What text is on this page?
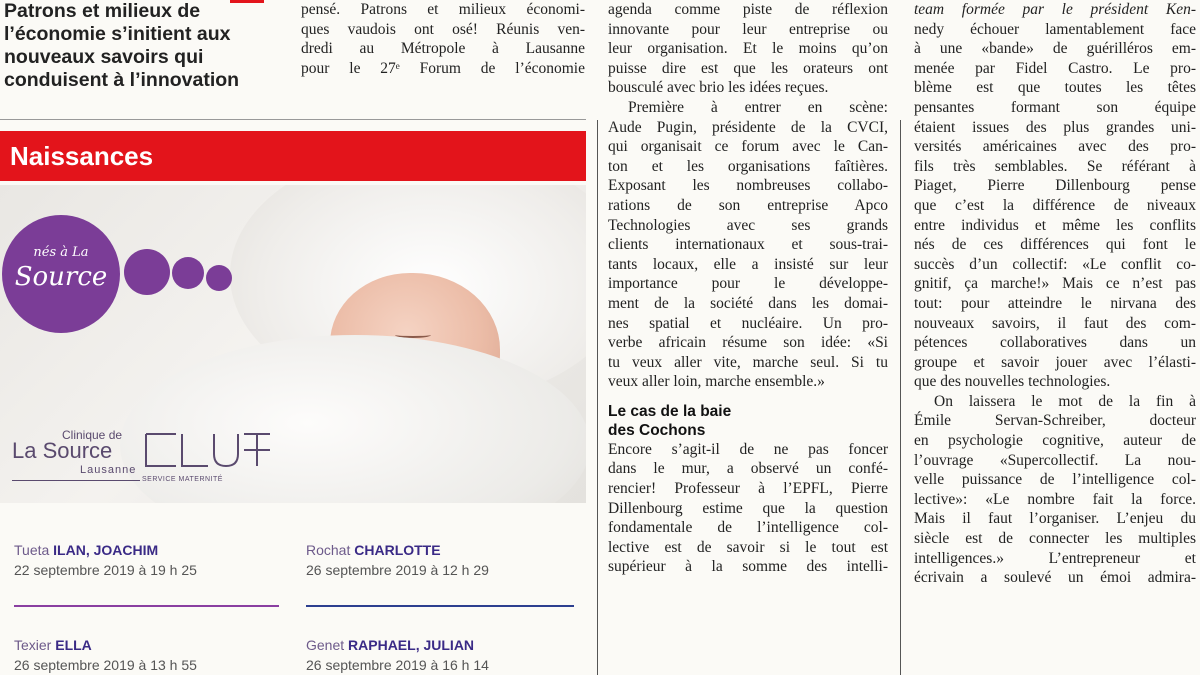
Patrons et milieux de
l’économie s’initient aux
nouveaux savoirs qui
conduisent à l’innovation
pensé. Patrons et milieux économi-
ques vaudois ont osé! Réunis ven-
dredi au Métropole à Lausanne
pour le 27ᵉ Forum de l’économie
Naissances
nés à La
Source
Clinique de
La Source
Lausanne
SERVICE MATERNITÉ
Tueta ILAN, JOACHIM
22 septembre 2019 à 19 h 25
Rochat CHARLOTTE
26 septembre 2019 à 12 h 29
Texier ELLA
26 septembre 2019 à 13 h 55
Genet RAPHAEL, JULIAN
26 septembre 2019 à 16 h 14
agenda comme piste de réflexion
innovante pour leur entreprise ou
leur organisation. Et le moins qu’on
puisse dire est que les orateurs ont
bousculé avec brio les idées reçues.
Première à entrer en scène:
Aude Pugin, présidente de la CVCI,
qui organisait ce forum avec le Can-
ton et les organisations faîtières.
Exposant les nombreuses collabo-
rations de son entreprise Apco
Technologies avec ses grands
clients internationaux et sous-trai-
tants locaux, elle a insisté sur leur
importance pour le développe-
ment de la société dans les domai-
nes spatial et nucléaire. Un pro-
verbe africain résume son idée: «Si
tu veux aller vite, marche seul. Si tu
veux aller loin, marche ensemble.»
Le cas de la baie
des Cochons
Encore s’agit-il de ne pas foncer
dans le mur, a observé un confé-
rencier! Professeur à l’EPFL, Pierre
Dillenbourg estime que la question
fondamentale de l’intelligence col-
lective est de savoir si le tout est
supérieur à la somme des intelli-
team formée par le président Ken-
nedy échouer lamentablement face
à une «bande» de guérilléros em-
menée par Fidel Castro. Le pro-
blème est que toutes les têtes
pensantes formant son équipe
étaient issues des plus grandes uni-
versités américaines avec des pro-
fils très semblables. Se référant à
Piaget, Pierre Dillenbourg pense
que c’est la différence de niveaux
entre individus et même les conflits
nés de ces différences qui font le
succès d’un collectif: «Le conflit co-
gnitif, ça marche!» Mais ce n’est pas
tout: pour atteindre le nirvana des
nouveaux savoirs, il faut des com-
pétences collaboratives dans un
groupe et savoir jouer avec l’élasti-
que des nouvelles technologies.
On laissera le mot de la fin à
Émile Servan-Schreiber, docteur
en psychologie cognitive, auteur de
l’ouvrage «Supercollectif. La nou-
velle puissance de l’intelligence col-
lective»: «Le nombre fait la force.
Mais il faut l’organiser. L’enjeu du
siècle est de connecter les multiples
intelligences.» L’entrepreneur et
écrivain a soulevé un émoi admira-
